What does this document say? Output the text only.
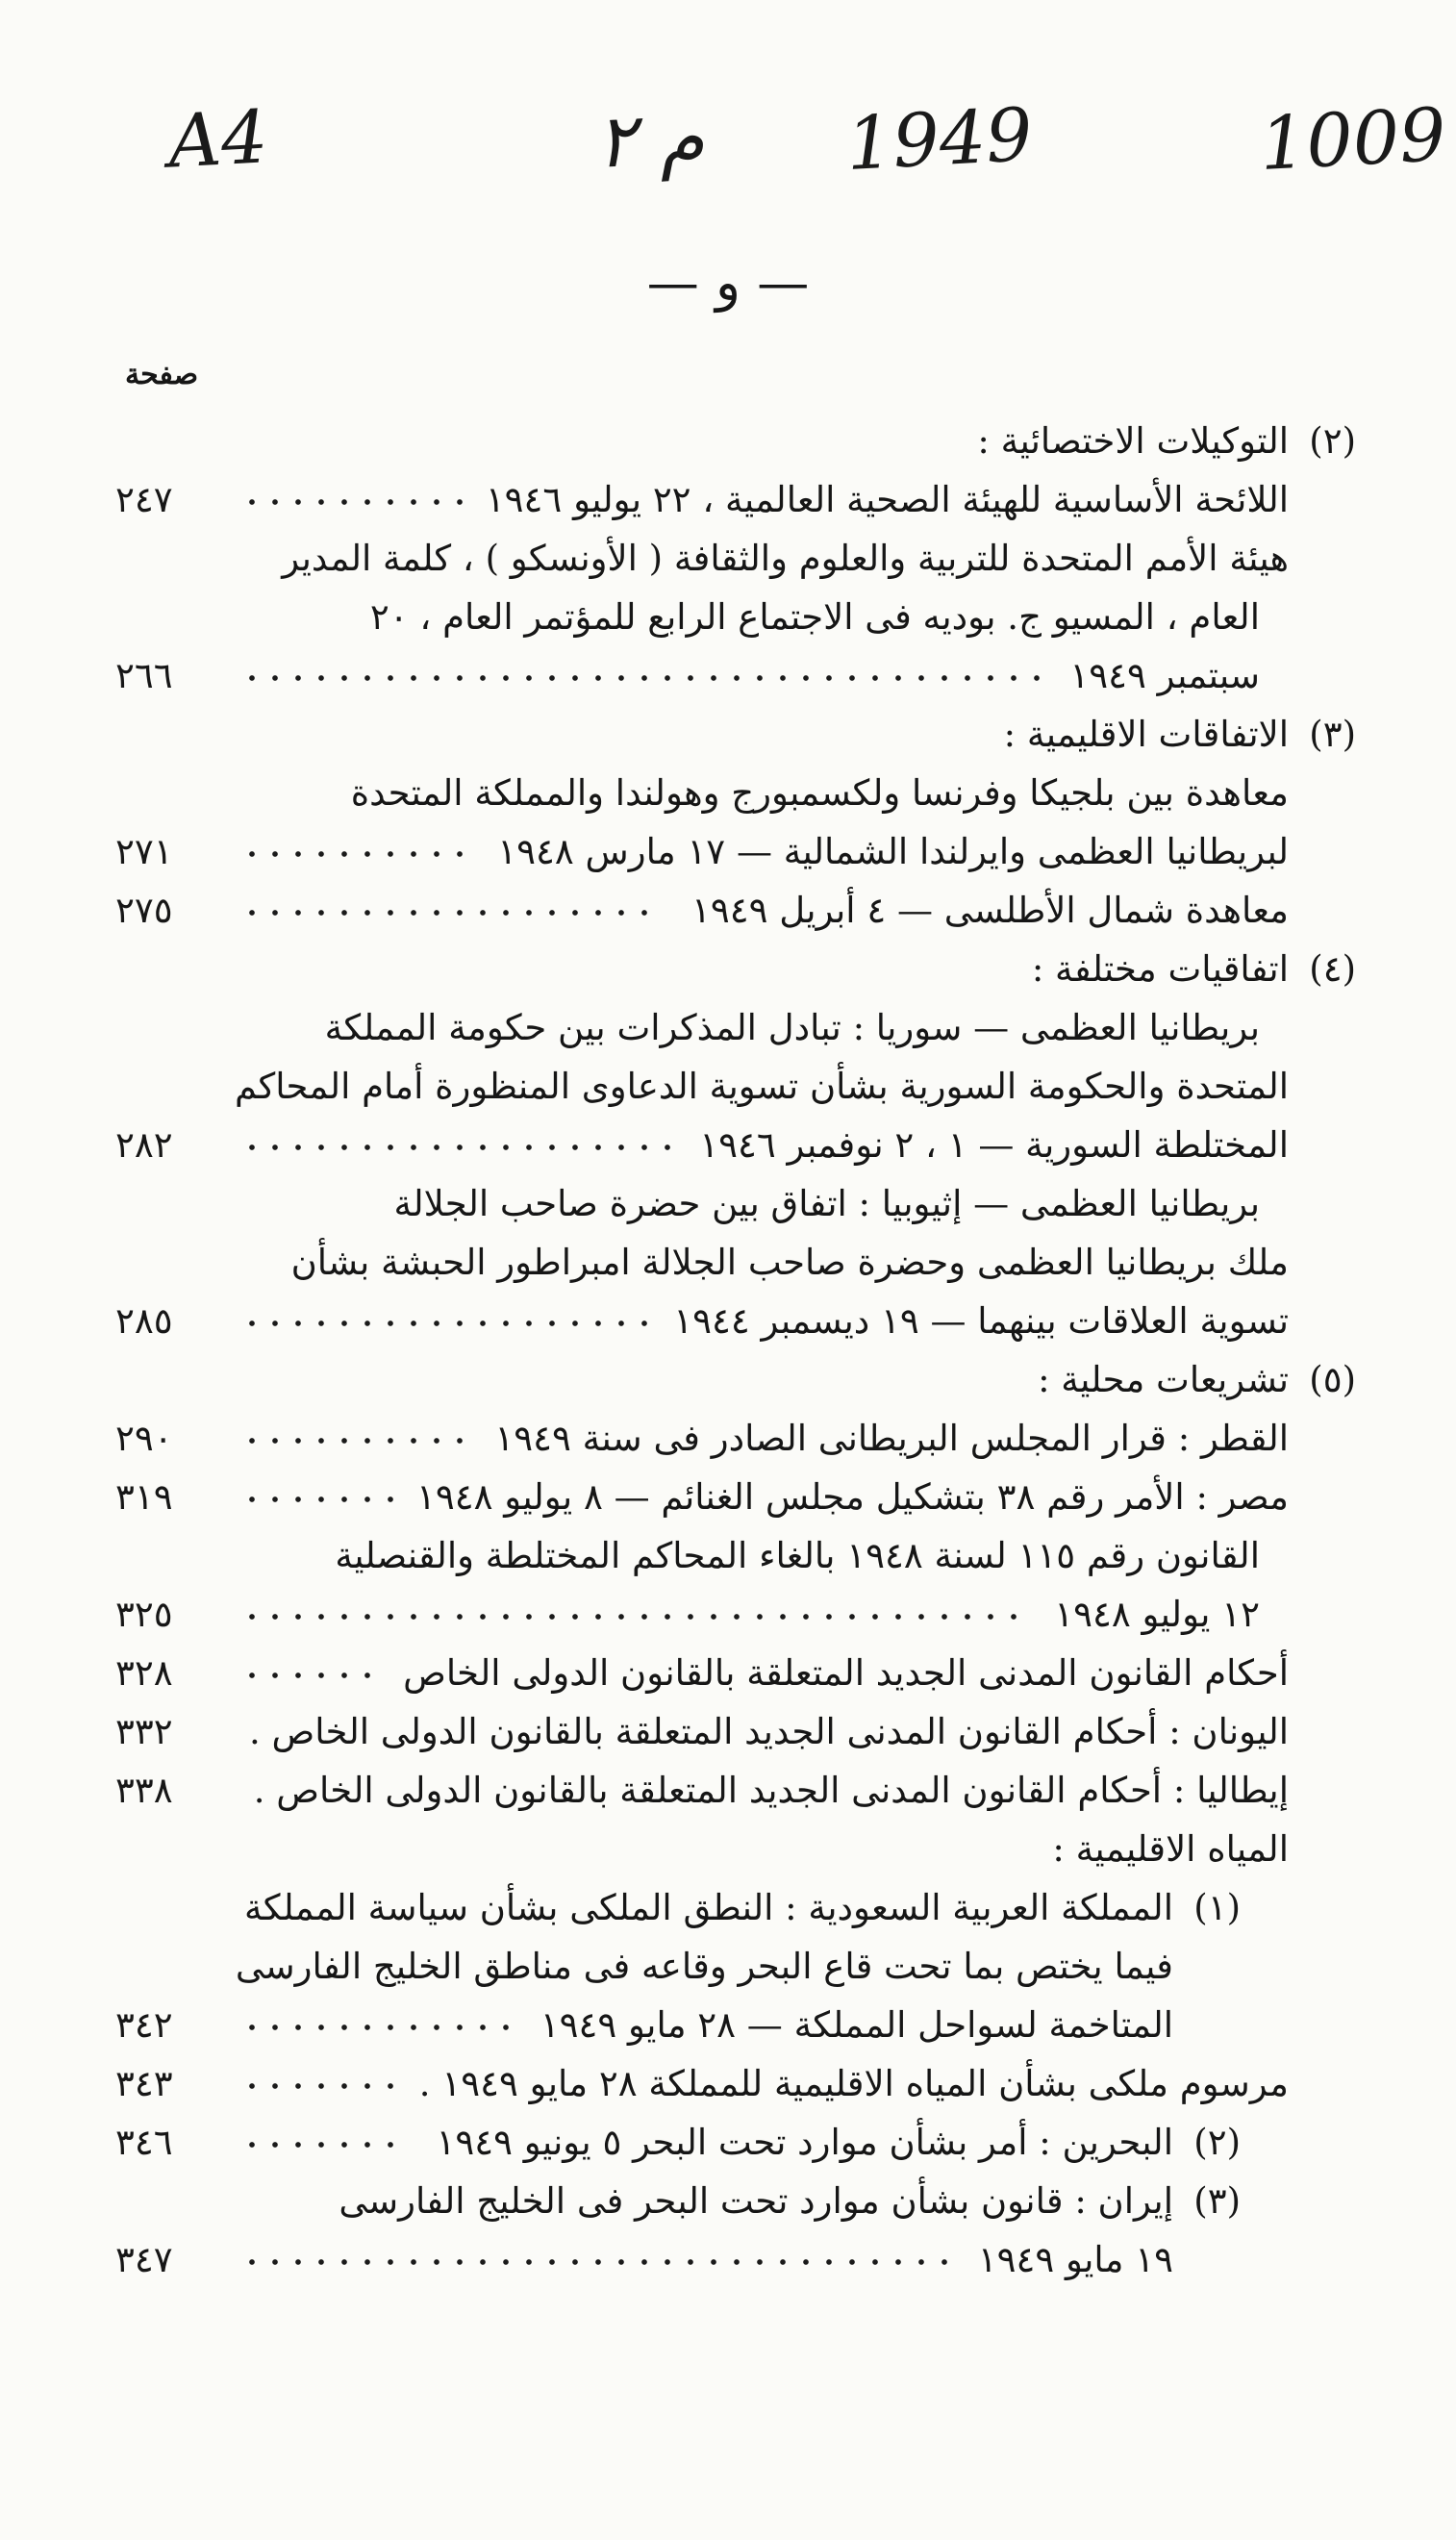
1009
1949
م ٢
A4
— و —
صفحة
(٢)
التوكيلات الاختصائية :
اللائحة الأساسية للهيئة الصحية العالمية ، ٢٢ يوليو ١٩٤٦
٢٤٧
هيئة الأمم المتحدة للتربية والعلوم والثقافة ( الأونسكو ) ، كلمة المدير
العام ، المسيو ج. بوديه فى الاجتماع الرابع للمؤتمر العام ، ٢٠
سبتمبر ١٩٤٩
٢٦٦
(٣)
الاتفاقات الاقليمية :
معاهدة بين بلجيكا وفرنسا ولكسمبورج وهولندا والمملكة المتحدة
لبريطانيا العظمى وايرلندا الشمالية — ١٧ مارس ١٩٤٨
٢٧١
معاهدة شمال الأطلسى — ٤ أبريل ١٩٤٩
٢٧٥
(٤)
اتفاقيات مختلفة :
بريطانيا العظمى — سوريا : تبادل المذكرات بين حكومة المملكة
المتحدة والحكومة السورية بشأن تسوية الدعاوى المنظورة أمام المحاكم
المختلطة السورية — ١ ، ٢ نوفمبر ١٩٤٦
٢٨٢
بريطانيا العظمى — إثيوبيا : اتفاق بين حضرة صاحب الجلالة
ملك بريطانيا العظمى وحضرة صاحب الجلالة امبراطور الحبشة بشأن
تسوية العلاقات بينهما — ١٩ ديسمبر ١٩٤٤
٢٨٥
(٥)
تشريعات محلية :
القطر : قرار المجلس البريطانى الصادر فى سنة ١٩٤٩
٢٩٠
مصر : الأمر رقم ٣٨ بتشكيل مجلس الغنائم — ٨ يوليو ١٩٤٨
٣١٩
القانون رقم ١١٥ لسنة ١٩٤٨ بالغاء المحاكم المختلطة والقنصلية
١٢ يوليو ١٩٤٨
٣٢٥
أحكام القانون المدنى الجديد المتعلقة بالقانون الدولى الخاص
٣٢٨
اليونان : أحكام القانون المدنى الجديد المتعلقة بالقانون الدولى الخاص .
٣٣٢
إيطاليا : أحكام القانون المدنى الجديد المتعلقة بالقانون الدولى الخاص .
٣٣٨
المياه الاقليمية :
(١)
المملكة العربية السعودية : النطق الملكى بشأن سياسة المملكة
فيما يختص بما تحت قاع البحر وقاعه فى مناطق الخليج الفارسى
المتاخمة لسواحل المملكة — ٢٨ مايو ١٩٤٩
٣٤٢
مرسوم ملكى بشأن المياه الاقليمية للمملكة ٢٨ مايو ١٩٤٩ .
٣٤٣
(٢)
البحرين : أمر بشأن موارد تحت البحر ٥ يونيو ١٩٤٩
٣٤٦
(٣)
إيران : قانون بشأن موارد تحت البحر فى الخليج الفارسى
١٩ مايو ١٩٤٩
٣٤٧
